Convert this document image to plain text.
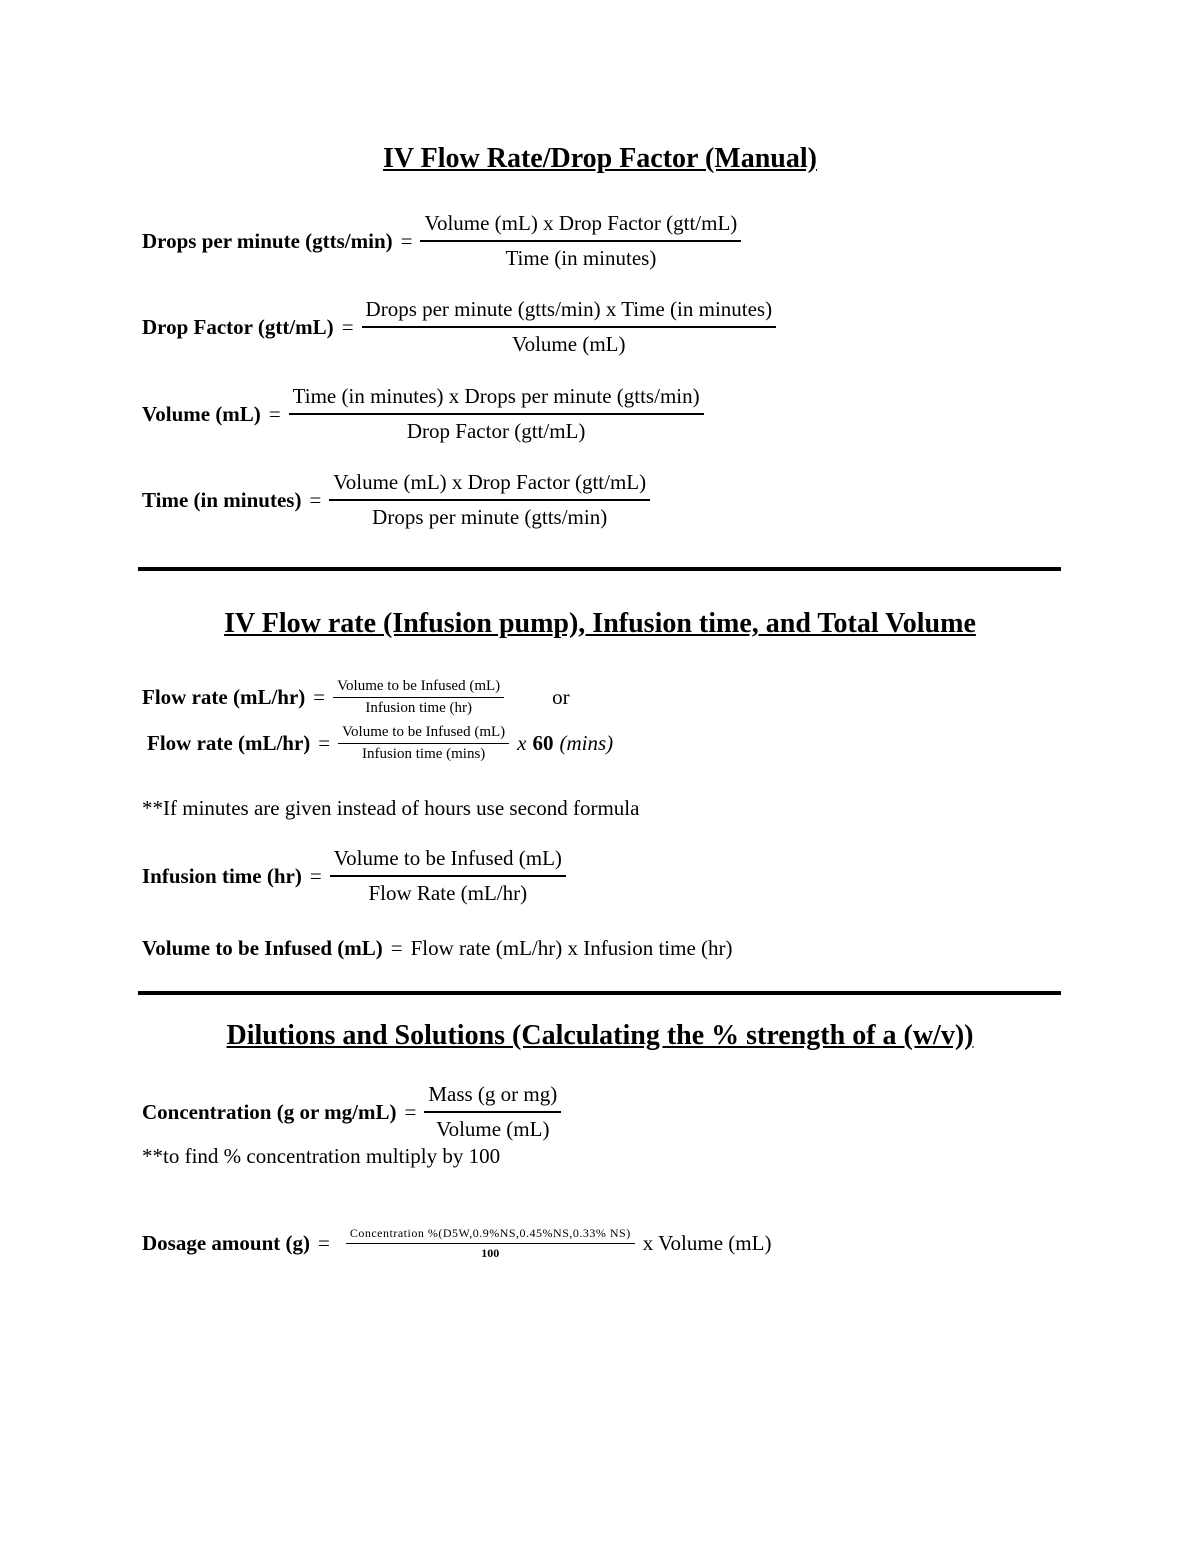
IV Flow Rate/Drop Factor (Manual)
Drops per minute (gtts/min) = $\frac{\text{Volume (mL) x Drop Factor (gtt/mL)}}{\text{Time (in minutes)}}$
Drop Factor $(gtt/mL) = \frac{\text{Drops per minute (gtts/min) x Time (in minutes)}}{\text{Volume (mL)}}$
Volume $(mL) = \frac{\text{Time (in minutes) x Drops per minute (gtts/min)}}{\text{Drop Factor (gtt/mL)}}$
Time (in minutes) = $\frac{\text{Volume (mL) x Drop Factor (gtt/mL)}}{\text{Drops per minute (gtts/min)}}$
IV Flow rate (Infusion pump), Infusion time, and Total Volume
Flow rate $(mL/hr) = \frac{\text{Volume to be Infused (mL)}}{\text{Infusion time (hr)}}$ or
Flow rate $(mL/hr) = \frac{\text{Volume to be Infused (mL)}}{\text{Infusion time (mins)}}$ x 60 (mins)
**If minutes are given instead of hours use second formula
Infusion time $(hr) = \frac{\text{Volume to be Infused (mL)}}{\text{Flow Rate (mL/hr)}}$
Volume to be Infused (mL) = Flow rate (mL/hr) x Infusion time (hr)
Dilutions and Solutions (Calculating the % strength of a (w/v))
Concentration (g or $mg/mL) = \frac{\text{Mass (g or mg)}}{\text{Volume (mL)}}$
**to find % concentration multiply by 100
Dosage amount $(g) = \frac{\text{Concentration \%(D5W,0.9\%NS,0.45\%NS,0.33\% NS)}}{100}$ x Volume (mL)
